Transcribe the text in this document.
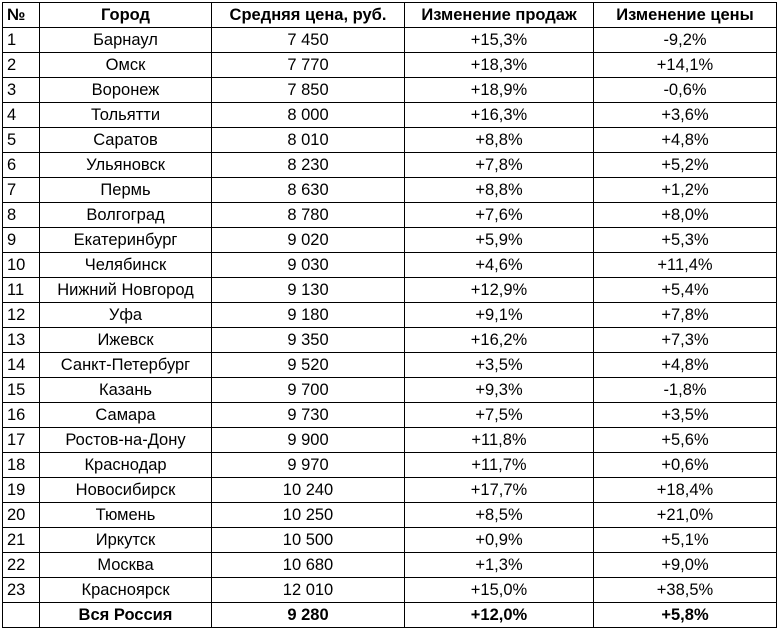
№	Город	Средняя цена, руб.	Изменение продаж	Изменение цены
1	Барнаул	7 450	+15,3%	-9,2%
2	Омск	7 770	+18,3%	+14,1%
3	Воронеж	7 850	+18,9%	-0,6%
4	Тольятти	8 000	+16,3%	+3,6%
5	Саратов	8 010	+8,8%	+4,8%
6	Ульяновск	8 230	+7,8%	+5,2%
7	Пермь	8 630	+8,8%	+1,2%
8	Волгоград	8 780	+7,6%	+8,0%
9	Екатеринбург	9 020	+5,9%	+5,3%
10	Челябинск	9 030	+4,6%	+11,4%
11	Нижний Новгород	9 130	+12,9%	+5,4%
12	Уфа	9 180	+9,1%	+7,8%
13	Ижевск	9 350	+16,2%	+7,3%
14	Санкт-Петербург	9 520	+3,5%	+4,8%
15	Казань	9 700	+9,3%	-1,8%
16	Самара	9 730	+7,5%	+3,5%
17	Ростов-на-Дону	9 900	+11,8%	+5,6%
18	Краснодар	9 970	+11,7%	+0,6%
19	Новосибирск	10 240	+17,7%	+18,4%
20	Тюмень	10 250	+8,5%	+21,0%
21	Иркутск	10 500	+0,9%	+5,1%
22	Москва	10 680	+1,3%	+9,0%
23	Красноярск	12 010	+15,0%	+38,5%
	Вся Россия	9 280	+12,0%	+5,8%
